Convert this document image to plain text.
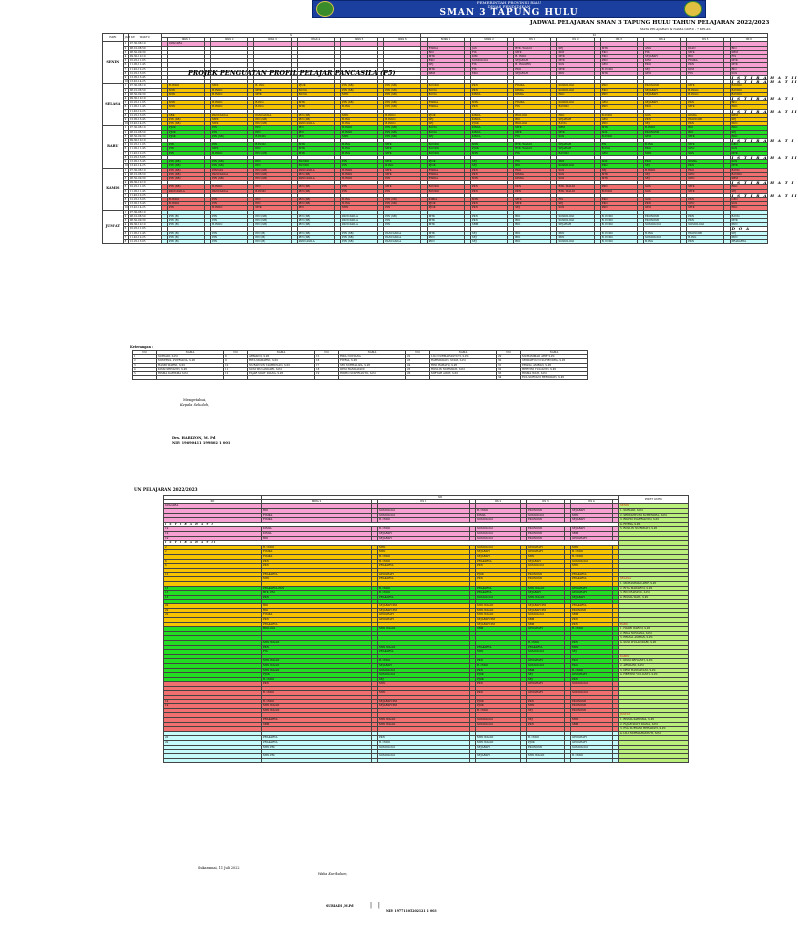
PEMERINTAH PROVINSI RIAU
DINAS PENDIDIKAN
SMAN 3 TAPUNG HULU
JADWAL PELAJARAN SMAN 3 TAPUNG HULU TAHUN PELAJARAN 2022/2023
MATA PELAJARAN & NAMA GURU - 7 KELAS
HARI	JAM KE	WAKTU	X												XI															
				IPAS 1		IPAS 2		IPAS 3		IPAS 4		IPAS 5		IPAS 6		MIPA 1		MIPA 2		IIS 1		IIS 2		IIS 3		IIS 4		IIS 5		IIS 6
SENIN	1	07.30-08.10		UPACARA																										
	2	08.10-08.50														FISIKA		JAS		BTK. WALDI		SEJ		MTK		ANG		DIAN		BIO
	3	08.50-09.30														BIO		FIS		MTK		KIM		EKO		FIS		MTK		SBM
	4	09.30-10.10														MTK		KIM		B. INDO		MTK		EKO		SEJARAH		BIO		FIS
	5	10.25-11.05														EKO		SOSIOLOGI		SEJARAH		MTK		PKN		KIM		FISIKA		MTK
	6	11.05-11.45														SEJ		FIS		B. INGGRIS		SOS		GEO		EKO		PKN		MTK
	7	11.45-12.25														MTK		FIS		EKO		MTK		B. INDO		SEJ		KIM		BIO
	8	12.25-13.05														SBM		EKO		SEJARAH		PKN		MTK		GEO		FIS		SOS
	9	13.05-13.45																												I S T I R A H A T II
	10	13.45-14.25																												I S T I R A H A T II
SELASA	1	07.30-08.10		B.INDO		MTK		B. ING		PJOK		PIN (SB)		PIN (SB)		B.INDO		PKN		FISIKA		SOSIOLOGI		PKN		EKONOMI		MTK		B.INDO
	2	08.10-08.50		MTK		B.INDO		MTK		B.ING		PIN (SB)		PIN (SB)		B.ING		PKN		KIMIA		SOSIOLOGI		EKO		SEJARAH		B.INGG		B.INDO
	3	08.50-09.30		MTK		B.INDO		MTK		B.ING		MTK		PIN (SB)		B.ING		KIMIA		KIMIA		EKO		PKN		SEJARAH		B.INGG		B.INDO
	4	09.30-10.10																												I S T I R A H A T I
	5	10.25-11.05		MTK		B.INDO		B.ING		MTK		PIN (SB)		PIN (SB)		FISIKA		MTK		FISIKA		SOSIOLOGI		GEO		SEJARAH		PKN		BIO
	6	11.05-11.45		MTK		B.INDO		B.ING		MTK		B.ING		PIN (SB)		FISIKA		PKN		FIS		B.INDO		PKN		EKO		MTK		EKO
	7	11.45-12.25																												I S T I R A H A T II
	8	12.25-13.05		SBK		PANCASILA		PANCASILA		PIN (SB)		MTK		B.INDO		PJOK		KIMIA		BIOLOGI		EKO		B.INDO		SOS		KIMIA		SBM
	9	13.05-13.45		PIN (SB)		MTK		PIN (SB)		PIN (SB)		B.ING		B.INDO		SEJ		KIMIA		BIO		SEJARAH		GEO		PKN		EKONOMI		SEJ
	10	13.45-14.25		PIN (SB)		MTK		PIN (SB)		PANCASILA		B.ING		B.INDO		SEJ		PJOK		BIOLOGI		B.ING		PKN		SEJ		PKN		PKN
RABU	1	07.30-08.10		PJOK		PIN		PIN		PIN		B.INDO		PIN (SB)		B.ING		KIMIA		MTK		SBM		MTK		B.INDO		BIO		EKO
	2	08.10-08.50		PJOK		PIN		PIN		PIN		B.INDO		PIN (SB)		B.ING		KIMIA		MTK		MTK		SOS		EKONOMI		BIO		SEJ
	3	08.50-09.30		PJOK		PIN (SB)		B.INDO		PIN		MTK		PIN (SB)		SEJ		KIMIA		FIS		SOS		B.INDO		GEO		MTK		EKO
	4	09.30-10.10																												I S T I R A H A T I
	5	10.25-11.05		PIN		PIN		B.INDO		MTK		B.ING		MTK		B.INDO		MTK		BTK. WALDI		SEJARAH		FIS		B.ING		MTK		GEO
	6	11.05-11.45		PIN		MTK		PIN		MTK		B.ING		MTK		B.INDO		PJOK		BTK. WALDI		SEJARAH		B.ING		EKO		GEO		SOS
	7	11.45-12.25		PIN		B.INDO		PIN (SB)		MTK		B.ING		MTK		B.INDO		MTK		FIS		B.INDO		GEO		MTK		SOS		MTK
	8	12.25-13.05																												I S T I R A H A T II
	9	13.05-13.45		PIN (SB)		PIN (SB)		PIN		B.INDO		PIN		MTK		PJOK		SEJ		FIS		PKN		SOS		EKO		KIMIA		SOS
	10	13.45-14.25		PIN (SB)		PIN (SB)		PIN		B.INDO		PIN		B.ING		PJOK		SEJ		BIO		SOSIOLOGI		EKO		SEJ		PKN		MTK
KAMIS	1	07.30-08.10		PIN (SB)		PINNAS		PIN (SB)		PANCASILA		B.INDO		MTK		FISIKA		PKN		EKO		SOS		SEJ		B.INDO		EKO		B.ING
	2	08.10-08.50		PIN (SB)		PANCASILA		PIN (SB)		PIN (SB)		B.INDO		MTK		FISIKA		PKN		KIMIA		SOS		MTK		SEJ		GEO		B.INDO
	3	08.50-09.30		PIN (SB)		PIN (SB)		PIN (SB)		PANCASILA		B.INDO		PIN		FISIKA		MTK		KIMIA		SOS		MTK		SEJ		GEO		SBM
	4	09.30-10.10																												I S T I R A H A T I
	5	10.25-11.05		PIN (SB)		B.INDO		PIN		PIN (SB)		PIN		MTK		B.INDO		PKN		PKN		BTK. WALDI		PKN		SOS		MTK		EKO
	6	11.05-11.45		PANCASILA		PANCASILA		B.INDO		PIN (SB)		PIN		PIN		B.INDO		PKN		PKN		BTK. WALDI		B.INDO		SOS		MTK		SEJ
	7	11.45-12.25																												I S T I R A H A T II
	8	12.25-13.05		B.INDO		PIN		PIN		PIN (SB)		B.ING		PIN (SB)		KIMIA		MTK		MTK		FIS		EKO		SOS		PKN		GEO
	9	13.05-13.45		B.INDO		PIN		PIN		PIN (SB)		B.ING		PIN (SB)		PJOK		PKN		MTK		SEJ		EKO		PKN		GEO		SOS
	10	13.45-14.25		PIN		B.INDO		MTK		PIN		MTK		PIN		PJOK		PKN		SEJ		SOS		PKN		GEO		MTK		EKO
JUM'AT	1	07.30-08.10																												
	2	08.10-08.50		PIN (B)		PIN		PIN (SB)		PIN (SB)		PANCASILA		PIN (SB)		MTK		PKN		BIO		SOSIOLOGI		B. INDO		EKONOMI		PKN		B.ING
	3	08.50-09.30		PIN (B)		PIN		PIN (SB)		PIN (SB)		PANCASILA		PIN		MTK		PKN		BIO		SOSIOLOGI		B. INDO		EKONOMI		PKN		MTK
	4	09.30-10.10		PIN (B)		B.INDO		PIN (SB)		PIN (SB)		PANCASILA		PIN		MTK		SBM		BIO		SEJARAH		B. INDO		SOSIOLOGI		SOSIOLOGI		PKN
	5	10.25-11.05																												D O A
	6	11.05-11.45		PIN (B)		PIN		PIN (B)		PIN (SB)		PIN (SB)		PANCASILA		MTK		SEJ		BIO		PKN		B. INDO		B.ING		EKONOMI		SEJ
	7	11.45-12.25		PIN (B)		PIN		PIN (B)		PIN (SB)		PIN (SB)		PANCASILA		PKN		SEJ		BIO		PKN		B. INDO		SOSIOLOGI		B.ING		PKN
	8	12.25-13.05		PIN (B)		PIN		PIN (B)		PANCASILA		PIN (SB)		PANCASILA		PKN		SEJ		BIO		SOSIOLOGI		B. INDO		B.ING		PKN		PRAKARYA
PROJEK PENGUATAN PROFIL PELAJAR PANCASILA (P5)
Keterangan :
NO	NAMA	NO	NAMA	NO	NAMA	NO	NAMA	NO	NAMA
1	SURIADI, S.Pd	8	ARMAINI, S.Pd	15	RIKA NOVIANA	22	LILI NURMAHASTUTI, S.Pd	29	MUHAMMAD ARIF S.Pd
2	MINERVA, PUTRIANA, S.Pd	9	RITA MAWARNI, S.Pd	16	FITRIA, S.Pd	23	RAHMAWATI, SYAM, S.Pd	30	SRIWAHYUNI SUHENDRA, S.Pd
3	HASBI WARNI, S.Pd	10	NURAINUN TAMBUNAN, S.Pd	17	SRI NURHALIZA, S.Pd	24	RINI RAHAYU, S.Pd	31	ERIZAL AMRAN, S.Pd
4	KISSI SRIYANTI, S.Pd	11	SUSI WULANDARI, S.Pd	18	DESI HANDAYANI	25	ROSLIN NURMIATI, S.Pd	32	HERTINI YULIANTI, S.Pd
5	RISMA KARISMA S.Pd	12	FAJAR SIGIT DIANA, S.Pd	19	RIDHO SYAFRIANTO, S.Pd	26	MIFTAH AIDIT, S.Pd	33	RISMA WATI, S.Pd
								34	EVA SURYANI HERAWATI, S.Pd
Mengetahui,
Kepala Sekolah,
Drs. HARIZON, M. Pd
NIP. 19690411 199802 1 001
UN PELAJARAN 2022/2023
	XII										PIKET GURU
XII	MIPA 2		IIS 1		IIS 2		IIS 3		IIS 4		
UPACARA											SENIN
	BIO		SOSIOLOGI		B. INDO		EKONOMI		SEJARAH		1. SURIADI, S.Pd
	FISIKA		SOSIOLOGI		KIMIA		SOSIOLOGI		MTK		2. SRIWAHYUNI SUHENDRA, S.Pd
	FISIKA		B. INDO		SOSIOLOGI		EKONOMI		SEJARAH		3. RIDHO SYAFRIANTO, S.Pd
I S T I R A H A T I											4. FITRIA, S.Pd
19	KIMIA		B. INDO		SOSIOLOGI		EKONOMI		SEJARAH		5. ROSLIN NURMIATI, S.Pd
19	KIMIA		SEJARAH		SOSIOLOGI		EKONOMI		SBM		
19	BIO		SEJARAH		SOSIOLOGI		EKONOMI		GEOGRAFI		
I S T I R A H A T II											
2	B. INDO		MTK		SOSIOLOGI		GEOGRAFI		MTK		
2	FISIKA		MTK		SEJARAH		GEOGRAFI		B. INDO		
	FISIKA		B. INDO		SEJARAH		MTK		B. INDO		
6	PKN		B. INDO		PRAKARYA		SEJARAH		SOSIOLOGI		
6	PKN		PRAKARYA		PKN		SOSIOLOGI		MTK		

13	PRAKARYA		GEOGRAFI		PJOK		EKONOMI		PRAKARYA		
	MTK		PRAKARYA		PKN		EKONOMI		PRAKARYA		SELASA
											1. MUHAMMAD ARIF, S.Pd
13	PRAKARYA PKN		B. INDO		PRAKARYA		MTK WALDI		GEOGRAFI		2. RITA MAWARNI, S.Pd
13	BTK. PM		B. INDO		PRAKARYA		SEJARAH		GEOGRAFI		3. RINI RAHAYU, S.Pd
13	PKN		PRAKARYA		SOSIOLOGI		MTK WALDI		SEJARAH		4. RISMA WATI, S.Pd

20	BIO		SEJARAH PM		MTK WALDI		SEJARAH PM		PRAKARYA		
20	BIO		SEJARAH PM		MTK WALDI		SEJARAH PM		EKONOMI		
20	FISIKA		GEOGRAFI		MTK WALDI		SOSIOLOGI		SBM		
	PKN		GEOGRAFI		SEJARAH PM		SBM		PKN		
	PRAKARYA				SEJARAH PM		SBM		PKN		RABU
	BIOLOGI		MTK WALDI		SBM		GEOGRAFI		B. INDO		1. HASBI WARNI, S.Pd
											2. RIKA NOVIANA, S.Pd
											3. ERIZAL AMRAN, S.Pd
	MTK WALDI						B. INDO		PKN		4. SUSI WULANDARI, S.Pd
	PKN		MTK WALDI		PRAKARYA		PRAKARYA		MTK		
	FIS		PRAKARYA		MTK		SOSIOLOGI		SEJ		
											KAMIS
	MTK WALDI		B. INDO		PKN		GEOGRAFI		EKO		1. KISSI SRIYANTI, S.Pd
	MTK WALDI		SEJARAH		B. INDO		SOSIOLOGI		EKO		2. ARMAINI, S.Pd
	MTK WALDI		SOSIOLOGI		PKN		SBM		B. INDO		3. DESI HANDAYANI, S.Pd
	PJOK		SOSIOLOGI		PJOK		SEJ		GEOGRAFI		4. HERTINI YULIANTI, S.Pd
	B. INDO		SEJ		PJOK		SEJ		PKN		
	PKN		MTK		PKN		GEOGRAFI		SOSIOLOGI		

	B. INDO		MTK		PKN		GEOGRAFI		SOSIOLOGI		

19	B. INDO		SEJARAH PM		PJOK		PKN		EKONOMI		
19	MTK WALDI		SEJARAH PM		PJOK		MTK		EKONOMI		
	MTK WALDI				B. INDO		SEJ		EKONOMI		
											JUM'AT
	PRAKARYA		MTK WALDI		SOSIOLOGI		SEJ		MTK		1. RISMA KARISMA, S.Pd
	SBM		MTK WALDI		SOSIOLOGI		PKN		SBM		2. FAJAR SIGIT DIANA, S.Pd
											3. EVA SURYANI HERAWATI, S.Pd
											4. LILI NURMAHASTUTI, S.Pd
20	PRAKARYA		PKN		MTK WALDI		B. INDO		GEOGRAFI		
20	PRAKARYA		B. INDO		MTK WALDI		PJOK		GEOGRAFI		
	MTK PM		SOSIOLOGI		SEJARAH		EKONOMI		SOSIOLOGI		

	MTK PM		SOSIOLOGI		SEJARAH		MTK WALDI		B. INDO		

Sukaramai, 11 Juli 2022
Waka Kurikulum,
SURIADI ,M.Pd	| |
NIP. 19771105202121 1 003
